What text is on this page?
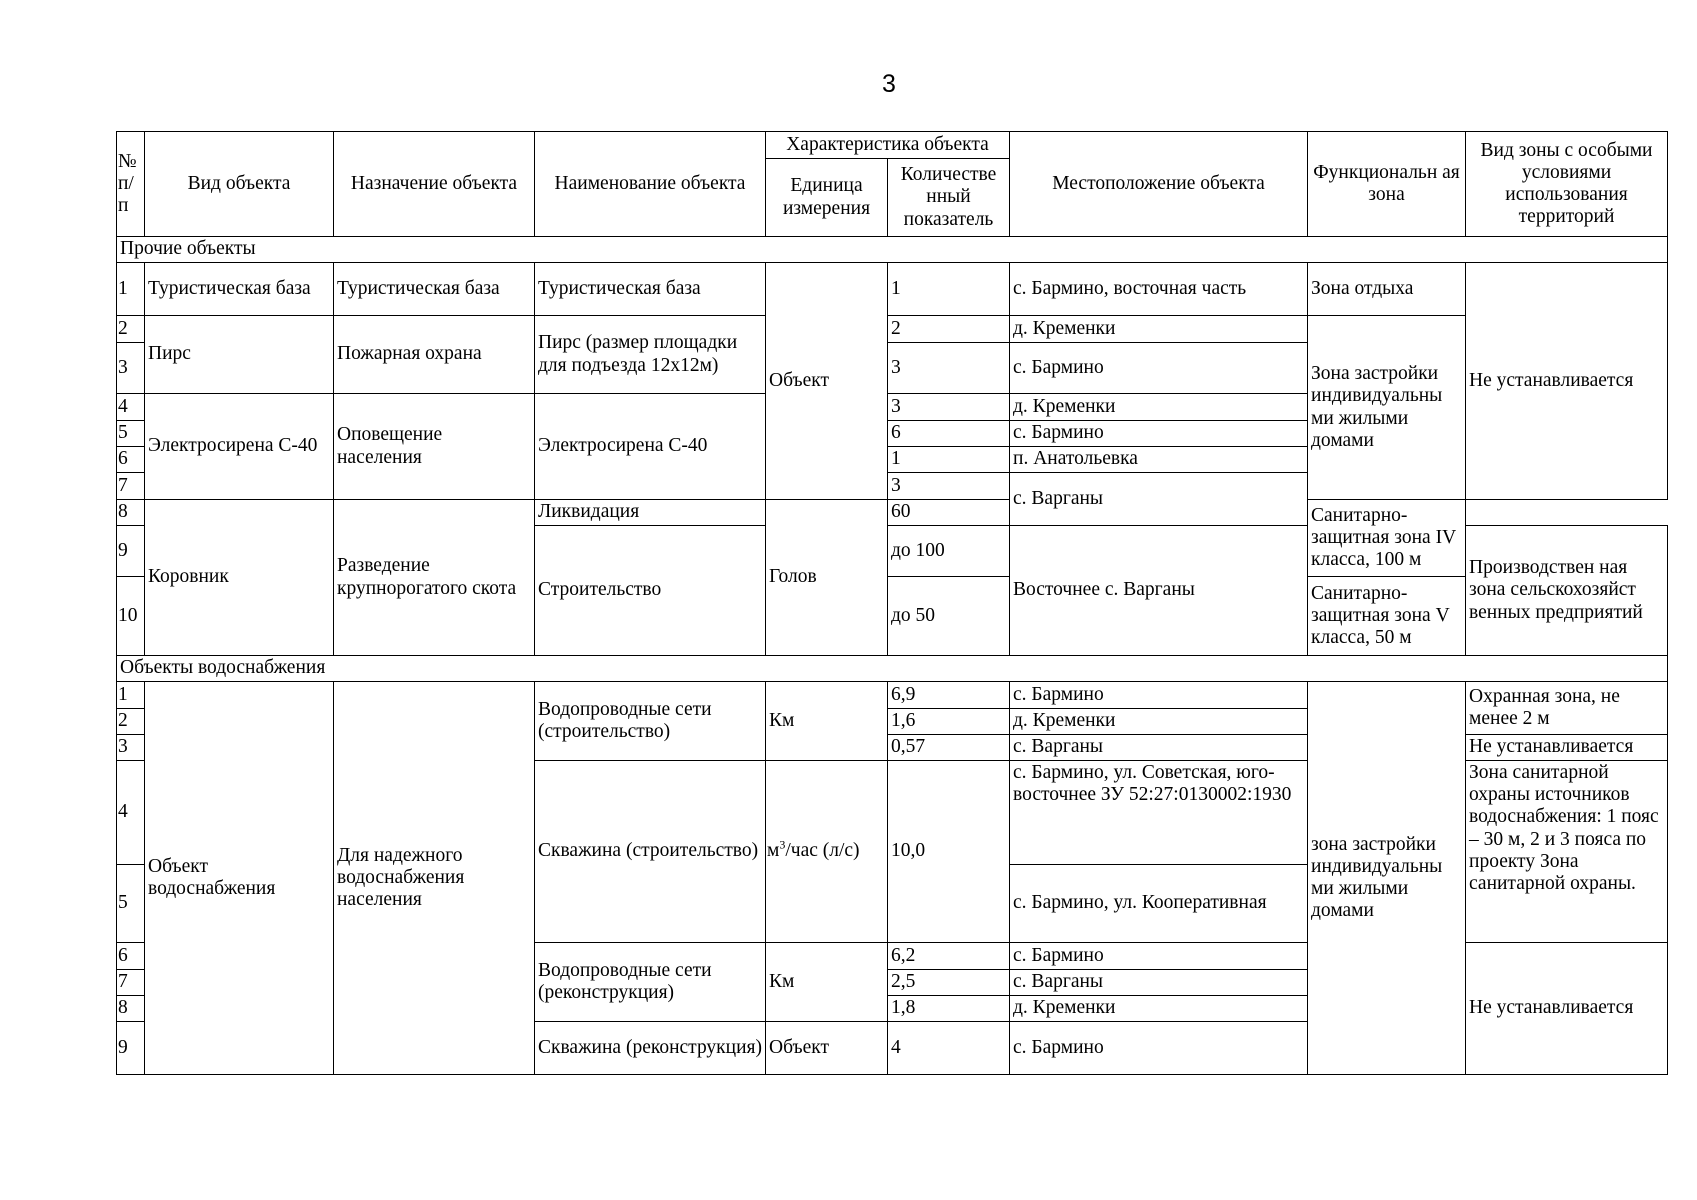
3
№ п/ п	Вид объекта	Назначение объекта	Наименование объекта	Характеристика объекта		Местоположение объекта	Функциональн ая зона	Вид зоны с особыми условиями использования территорий
				Единица измерения	Количестве нный показатель			
Прочие объекты								
1	Туристическая база	Туристическая база	Туристическая база	Объект	1	с. Бармино, восточная часть	Зона отдыха	Не устанавливается
2	Пирс	Пожарная охрана	Пирс (размер площадки для подъезда 12х12м)		2	д. Кременки	Зона застройки индивидуальны ми жилыми домами	
3					3	с. Бармино		
4	Электросирена С-40	Оповещение населения	Электросирена С-40		3	д. Кременки		
5					6	с. Бармино		
6					1	п. Анатольевка		
7					3	с. Варганы		
8	Коровник	Разведение крупнорогатого скота	Ликвидация	Голов	60		Санитарно-защитная зона IV класса, 100 м	
9			Строительство		до 100	Восточнее с. Варганы		Производствен ная зона сельскохозяйст венных предприятий
10					до 50		Санитарно-защитная зона V класса, 50 м	
Объекты водоснабжения								
1	Объект водоснабжения	Для надежного водоснабжения населения	Водопроводные сети (строительство)	Км	6,9	с. Бармино	зона застройки индивидуальны ми жилыми домами	Охранная зона, не менее 2 м
2					1,6	д. Кременки		
3					0,57	с. Варганы		Не устанавливается
4			Скважина (строительство)	$м^3$/час (л/с)	10,0	с. Бармино, ул. Советская, юго-восточнее ЗУ 52:27:0130002:1930		Зона санитарной охраны источников водоснабжения: 1 пояс – 30 м, 2 и 3 пояса по проекту Зона санитарной охраны.
5						с. Бармино, ул. Кооперативная		
6			Водопроводные сети (реконструкция)	Км	6,2	с. Бармино		Не устанавливается
7					2,5	с. Варганы		
8					1,8	д. Кременки		
9			Скважина (реконструкция)	Объект	4	с. Бармино		
